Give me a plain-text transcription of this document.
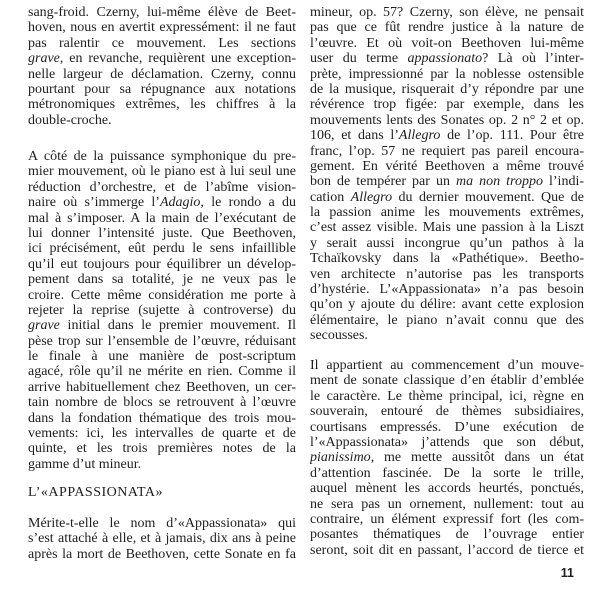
sang-froid. Czerny, lui-même élève de Beet-
hoven, nous en avertit expressément: il ne faut
pas ralentir ce mouvement. Les sections
grave, en revanche, requièrent une exception-
nelle largeur de déclamation. Czerny, connu
pourtant pour sa répugnance aux notations
métronomiques extrêmes, les chiffres à la
double-croche.
A côté de la puissance symphonique du pre-
mier mouvement, où le piano est à lui seul une
réduction d’orchestre, et de l’abîme vision-
naire où s’immerge l’Adagio, le rondo a du
mal à s’imposer. A la main de l’exécutant de
lui donner l’intensité juste. Que Beethoven,
ici précisément, eût perdu le sens infaillible
qu’il eut toujours pour équilibrer un dévelop-
pement dans sa totalité, je ne veux pas le
croire. Cette même considération me porte à
rejeter la reprise (sujette à controverse) du
grave initial dans le premier mouvement. Il
pèse trop sur l’ensemble de l’œuvre, réduisant
le finale à une manière de post-scriptum
agacé, rôle qu’il ne mérite en rien. Comme il
arrive habituellement chez Beethoven, un cer-
tain nombre de blocs se retrouvent à l’œuvre
dans la fondation thématique des trois mou-
vements: ici, les intervalles de quarte et de
quinte, et les trois premières notes de la
gamme d’ut mineur.
L’«APPASSIONATA»
Mérite-t-elle le nom d’«Appassionata» qui
s’est attaché à elle, et à jamais, dix ans à peine
après la mort de Beethoven, cette Sonate en fa
mineur, op. 57? Czerny, son élève, ne pensait
pas que ce fût rendre justice à la nature de
l’œuvre. Et où voit-on Beethoven lui-même
user du terme appassionato? Là où l’inter-
prète, impressionné par la noblesse ostensible
de la musique, risquerait d’y répondre par une
révérence trop figée: par exemple, dans les
mouvements lents des Sonates op. 2 n° 2 et op.
106, et dans l’Allegro de l’op. 111. Pour être
franc, l’op. 57 ne requiert pas pareil encoura-
gement. En vérité Beethoven a même trouvé
bon de tempérer par un ma non troppo l’indi-
cation Allegro du dernier mouvement. Que de
la passion anime les mouvements extrêmes,
c’est assez visible. Mais une passion à la Liszt
y serait aussi incongrue qu’un pathos à la
Tchaïkovsky dans la «Pathétique». Beetho-
ven architecte n’autorise pas les transports
d’hystérie. L’«Appassionata» n’a pas besoin
qu’on y ajoute du délire: avant cette explosion
élémentaire, le piano n’avait connu que des
secousses.
Il appartient au commencement d’un mouve-
ment de sonate classique d’en établir d’emblée
le caractère. Le thème principal, ici, règne en
souverain, entouré de thèmes subsidiaires,
courtisans empressés. D’une exécution de
l’«Appassionata» j’attends que son début,
pianissimo, me mette aussitôt dans un état
d’attention fascinée. De la sorte le trille,
auquel mènent les accords heurtés, ponctués,
ne sera pas un ornement, nullement: tout au
contraire, un élément expressif fort (les com-
posantes thématiques de l’ouvrage entier
seront, soit dit en passant, l’accord de tierce et
11
